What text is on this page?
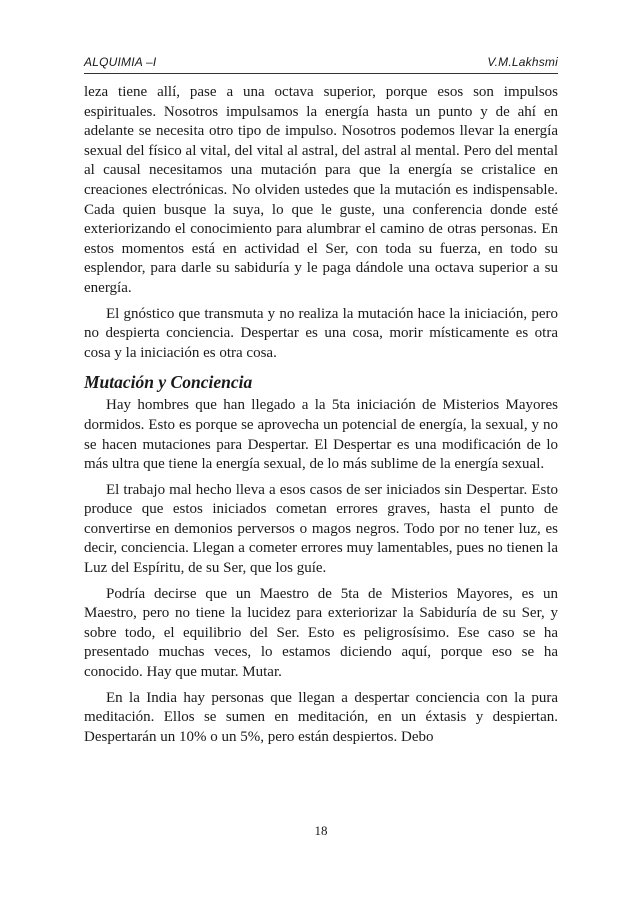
ALQUIMIA –I	V.M.Lakhsmi

leza tiene allí, pase a una octava superior, porque esos son impulsos espirituales. Nosotros impulsamos la energía hasta un punto y de ahí en adelante se necesita otro tipo de impulso. Nosotros podemos llevar la energía sexual del físico al vital, del vital al astral, del astral al mental. Pero del mental al causal necesitamos una mutación para que la energía se cristalice en creaciones electrónicas. No olviden ustedes que la mutación es indispensable. Cada quien busque la suya, lo que le guste, una conferencia donde esté exteriorizando el conocimiento para alumbrar el camino de otras personas. En estos momentos está en actividad el Ser, con toda su fuerza, en todo su esplendor, para darle su sabiduría y le paga dándole una octava superior a su energía.

El gnóstico que transmuta y no realiza la mutación hace la iniciación, pero no despierta conciencia. Despertar es una cosa, morir místicamente es otra cosa y la iniciación es otra cosa.

Mutación y Conciencia

Hay hombres que han llegado a la 5ta iniciación de Misterios Mayores dormidos. Esto es porque se aprovecha un potencial de energía, la sexual, y no se hacen mutaciones para Despertar. El Despertar es una modificación de lo más ultra que tiene la energía sexual, de lo más sublime de la energía sexual.

El trabajo mal hecho lleva a esos casos de ser iniciados sin Despertar. Esto produce que estos iniciados cometan errores graves, hasta el punto de convertirse en demonios perversos o magos negros. Todo por no tener luz, es decir, conciencia. Llegan a cometer errores muy lamentables, pues no tienen la Luz del Espíritu, de su Ser, que los guíe.

Podría decirse que un Maestro de 5ta de Misterios Mayores, es un Maestro, pero no tiene la lucidez para exteriorizar la Sabiduría de su Ser, y sobre todo, el equilibrio del Ser. Esto es peligrosísimo. Ese caso se ha presentado muchas veces, lo estamos diciendo aquí, porque eso se ha conocido. Hay que mutar. Mutar.

En la India hay personas que llegan a despertar conciencia con la pura meditación. Ellos se sumen en meditación, en un éxtasis y despiertan. Despertarán un 10% o un 5%, pero están despiertos. Debo

18
